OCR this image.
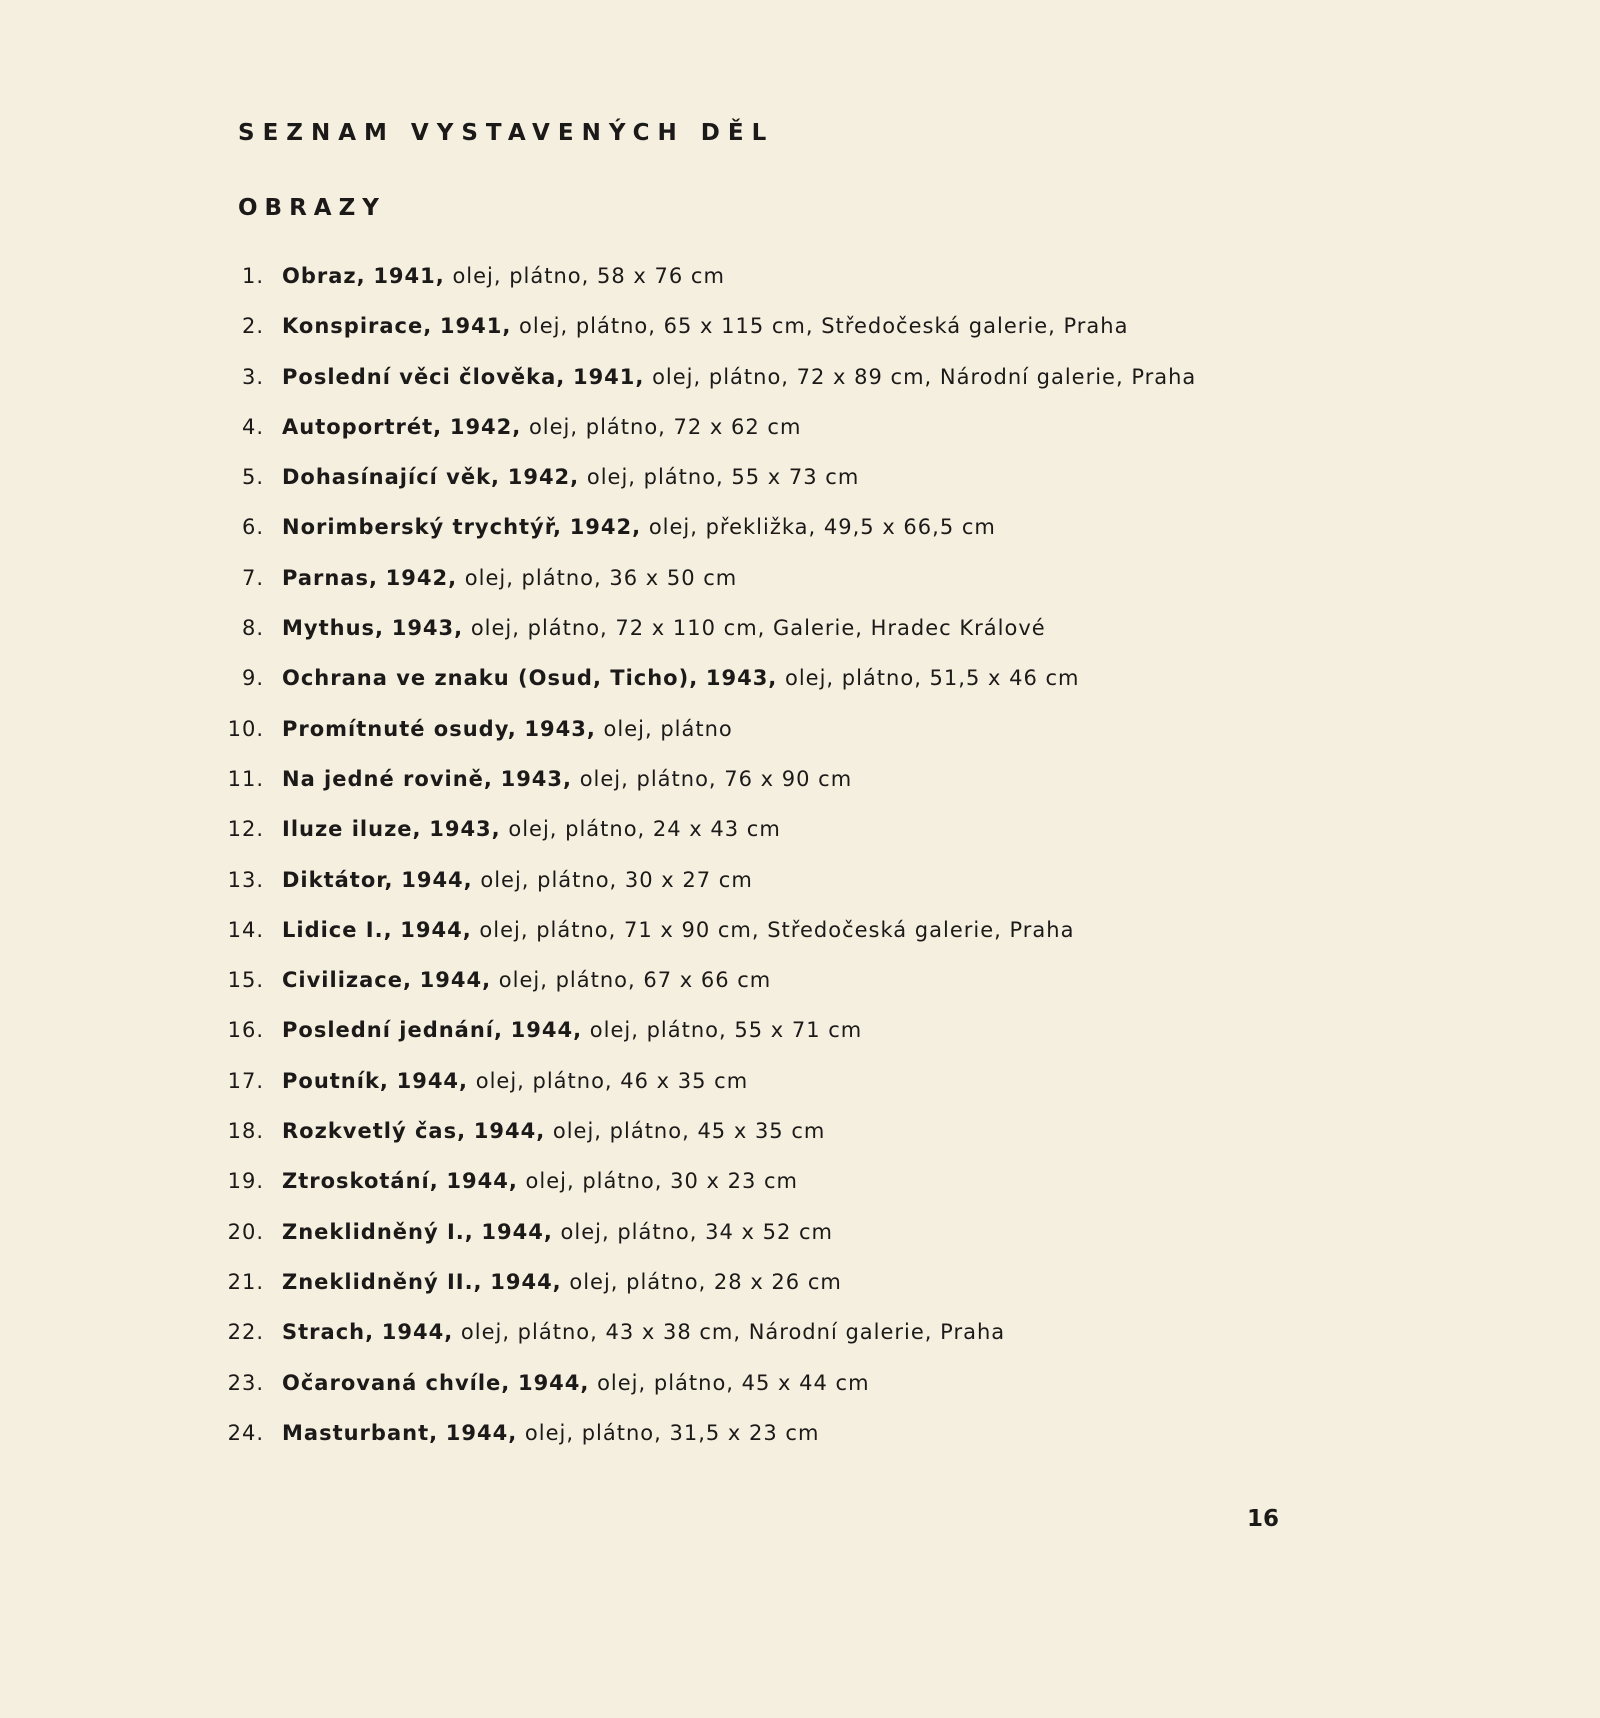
SEZNAM VYSTAVENÝCH DĚL
OBRAZY
1. Obraz, 1941, olej, plátno, 58 x 76 cm
2. Konspirace, 1941, olej, plátno, 65 x 115 cm, Středočeská galerie, Praha
3. Poslední věci člověka, 1941, olej, plátno, 72 x 89 cm, Národní galerie, Praha
4. Autoportrét, 1942, olej, plátno, 72 x 62 cm
5. Dohasínající věk, 1942, olej, plátno, 55 x 73 cm
6. Norimberský trychtýř, 1942, olej, překližka, 49,5 x 66,5 cm
7. Parnas, 1942, olej, plátno, 36 x 50 cm
8. Mythus, 1943, olej, plátno, 72 x 110 cm, Galerie, Hradec Králové
9. Ochrana ve znaku (Osud, Ticho), 1943, olej, plátno, 51,5 x 46 cm
10. Promítnuté osudy, 1943, olej, plátno
11. Na jedné rovině, 1943, olej, plátno, 76 x 90 cm
12. Iluze iluze, 1943, olej, plátno, 24 x 43 cm
13. Diktátor, 1944, olej, plátno, 30 x 27 cm
14. Lidice I., 1944, olej, plátno, 71 x 90 cm, Středočeská galerie, Praha
15. Civilizace, 1944, olej, plátno, 67 x 66 cm
16. Poslední jednání, 1944, olej, plátno, 55 x 71 cm
17. Poutník, 1944, olej, plátno, 46 x 35 cm
18. Rozkvetlý čas, 1944, olej, plátno, 45 x 35 cm
19. Ztroskotání, 1944, olej, plátno, 30 x 23 cm
20. Zneklidněný I., 1944, olej, plátno, 34 x 52 cm
21. Zneklidněný II., 1944, olej, plátno, 28 x 26 cm
22. Strach, 1944, olej, plátno, 43 x 38 cm, Národní galerie, Praha
23. Očarovaná chvíle, 1944, olej, plátno, 45 x 44 cm
24. Masturbant, 1944, olej, plátno, 31,5 x 23 cm
16
